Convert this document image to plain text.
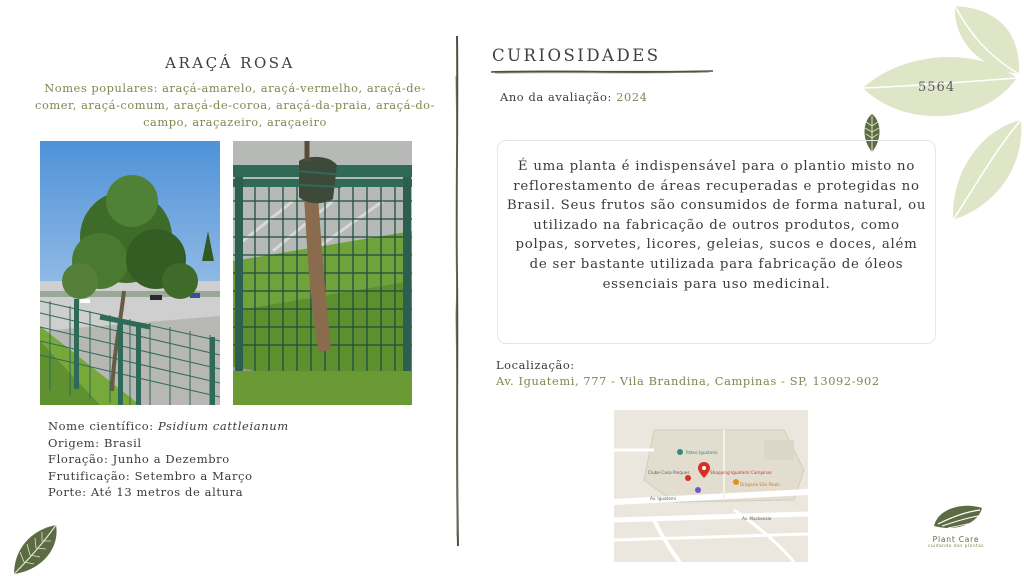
ARAÇÁ ROSA
Nomes populares: araçá-amarelo, araçá-vermelho, araçá-de-comer, araçá-comum, araçá-de-coroa, araçá-da-praia, araçá-do-campo, araçazeiro, araçaeiro
Nome científico: Psidium cattleianum
Origem: Brasil
Floração: Junho a Dezembro
Frutificação: Setembro a Março
Porte: Até 13 metros de altura
CURIOSIDADES
Ano da avaliação: 2024
É uma planta é indispensável para o plantio misto no reflorestamento de áreas recuperadas e protegidas no Brasil. Seus frutos são consumidos de forma natural, ou utilizado na fabricação de outros produtos, como polpas, sorvetes, licores, geleias, sucos e doces, além de ser bastante utilizada para fabricação de óleos essenciais para uso medicinal.
Localização:
Av. Iguatemi, 777 - Vila Brandina, Campinas - SP, 13092-902
Pateo Iguatemi
Shopping Iguatemi Campinas
Clube Casa Parques
Drogaria São Paulo
Av. Iguatemi
Av. Mackenzie
5564
Plant Care
cuidando das plantas
